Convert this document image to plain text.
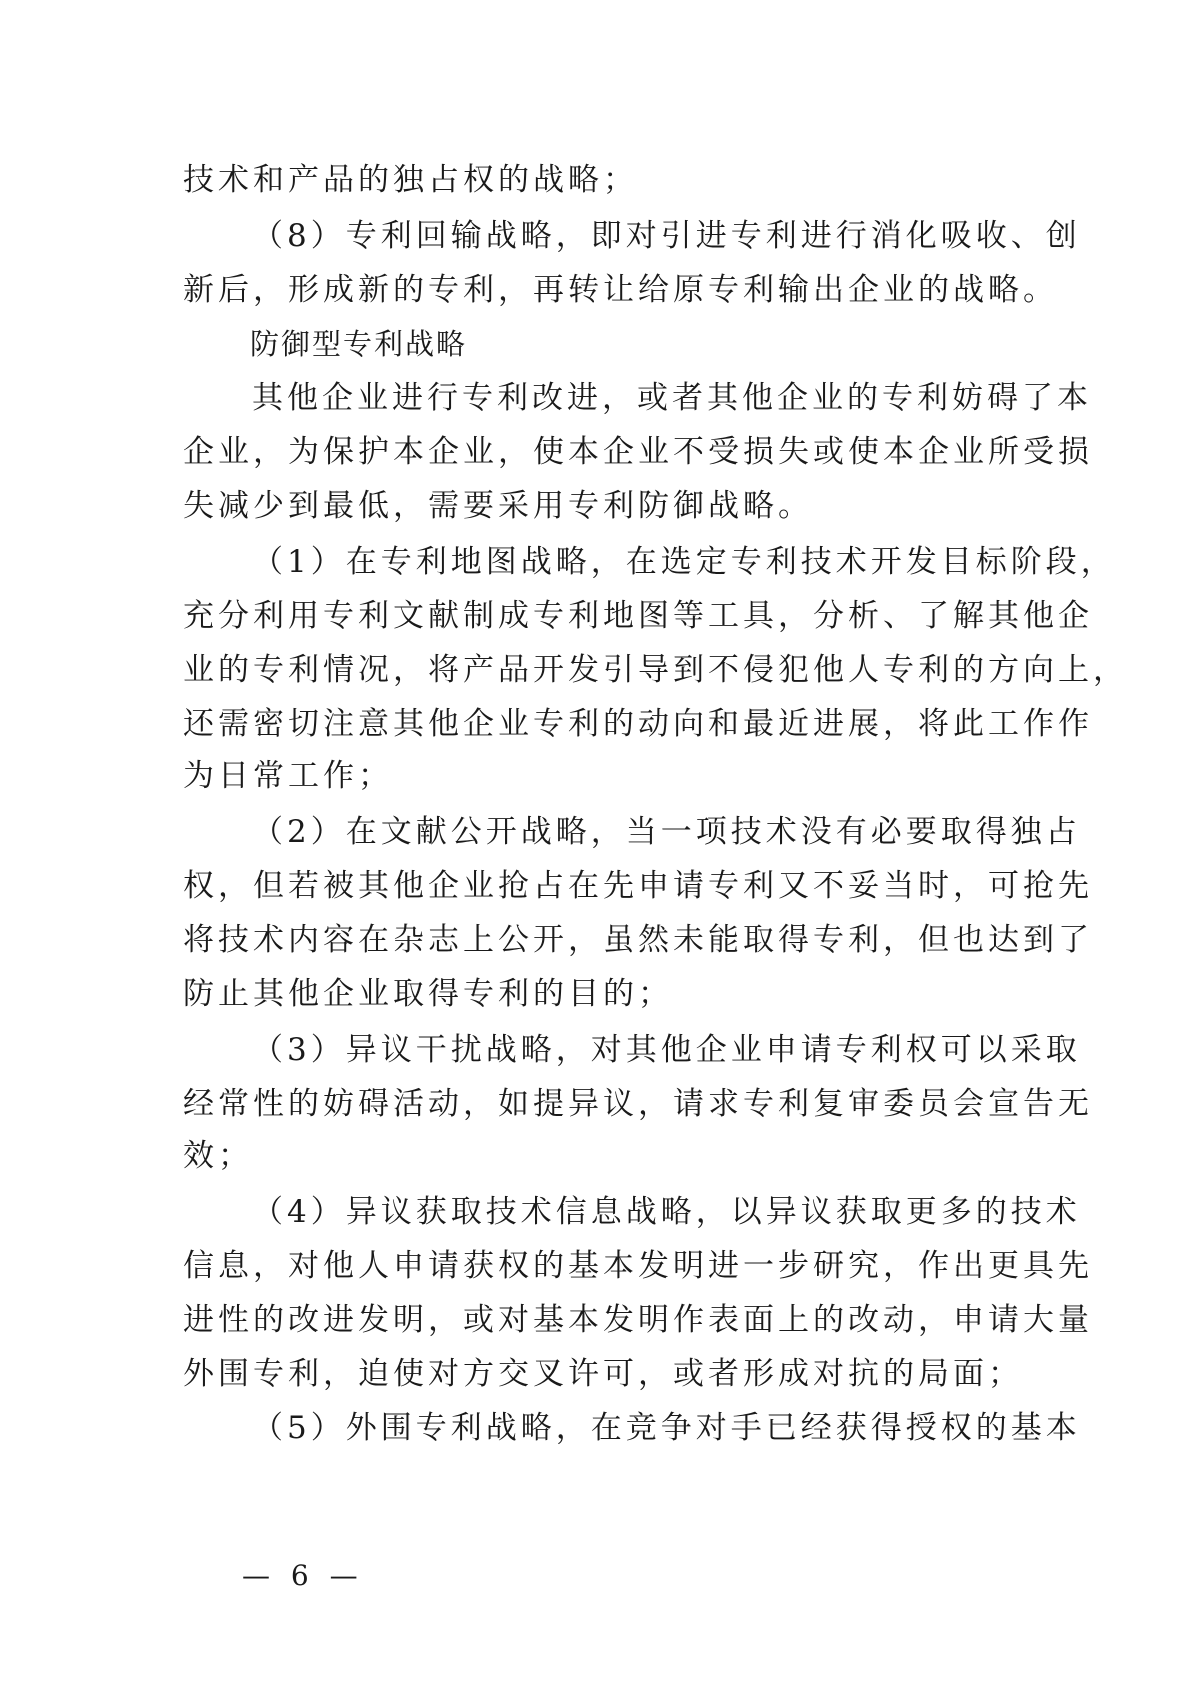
技术和产品的独占权的战略；
（8）专利回输战略，即对引进专利进行消化吸收、创
新后，形成新的专利，再转让给原专利输出企业的战略。
防御型专利战略
其他企业进行专利改进，或者其他企业的专利妨碍了本
企业，为保护本企业，使本企业不受损失或使本企业所受损
失减少到最低，需要采用专利防御战略。
（1）在专利地图战略，在选定专利技术开发目标阶段，
充分利用专利文献制成专利地图等工具，分析、了解其他企
业的专利情况，将产品开发引导到不侵犯他人专利的方向上，
还需密切注意其他企业专利的动向和最近进展，将此工作作
为日常工作；
（2）在文献公开战略，当一项技术没有必要取得独占
权，但若被其他企业抢占在先申请专利又不妥当时，可抢先
将技术内容在杂志上公开，虽然未能取得专利，但也达到了
防止其他企业取得专利的目的；
（3）异议干扰战略，对其他企业申请专利权可以采取
经常性的妨碍活动，如提异议，请求专利复审委员会宣告无
效；
（4）异议获取技术信息战略，以异议获取更多的技术
信息，对他人申请获权的基本发明进一步研究，作出更具先
进性的改进发明，或对基本发明作表面上的改动，申请大量
外围专利，迫使对方交叉许可，或者形成对抗的局面；
（5）外围专利战略，在竞争对手已经获得授权的基本
— 6 —
